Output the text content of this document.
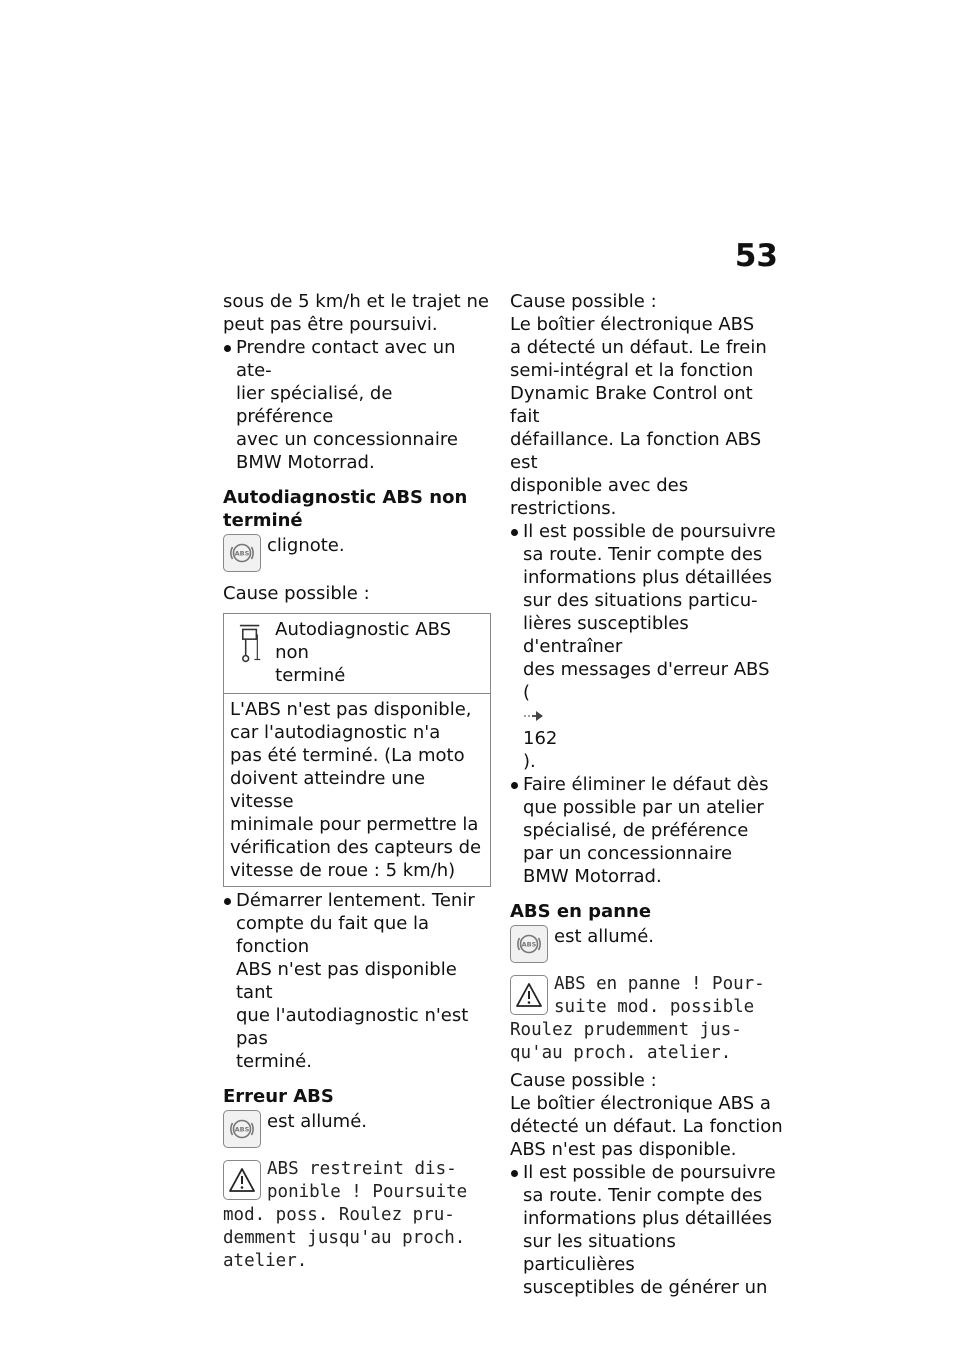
53

sous de 5 km/h et le trajet ne
peut pas être poursuivi.

Prendre contact avec un ate-
lier spécialisé, de préférence
avec un concessionnaire
BMW Motorrad.
Autodiagnostic ABS non
terminé
ABS clignote.

Cause possible :

Autodiagnostic ABS non
terminé
L'ABS n'est pas disponible,
car l'autodiagnostic n'a
pas été terminé. (La moto
doivent atteindre une vitesse
minimale pour permettre la
vérification des capteurs de
vitesse de roue : 5 km/h)
Démarrer lentement. Tenir
compte du fait que la fonction
ABS n'est pas disponible tant
que l'autodiagnostic n'est pas
terminé.
Erreur ABS
ABS est allumé.
ABS restreint dis-
ponible ! Poursuite
mod. poss. Roulez pru-
demment jusqu'au proch.
atelier.

Cause possible :

Le boîtier électronique ABS
a détecté un défaut. Le frein
semi-intégral et la fonction
Dynamic Brake Control ont fait
défaillance. La fonction ABS est
disponible avec des restrictions.

Il est possible de poursuivre
sa route. Tenir compte des
informations plus détaillées
sur des situations particu-
lières susceptibles d'entraîner
des messages d'erreur ABS
(
162
).
Faire éliminer le défaut dès
que possible par un atelier
spécialisé, de préférence
par un concessionnaire
BMW Motorrad.
ABS en panne
ABS est allumé.
ABS en panne ! Pour-
suite mod. possible
Roulez prudemment jus-
qu'au proch. atelier.

Cause possible :

Le boîtier électronique ABS a
détecté un défaut. La fonction
ABS n'est pas disponible.

Il est possible de poursuivre
sa route. Tenir compte des
informations plus détaillées
sur les situations particulières
susceptibles de générer un
